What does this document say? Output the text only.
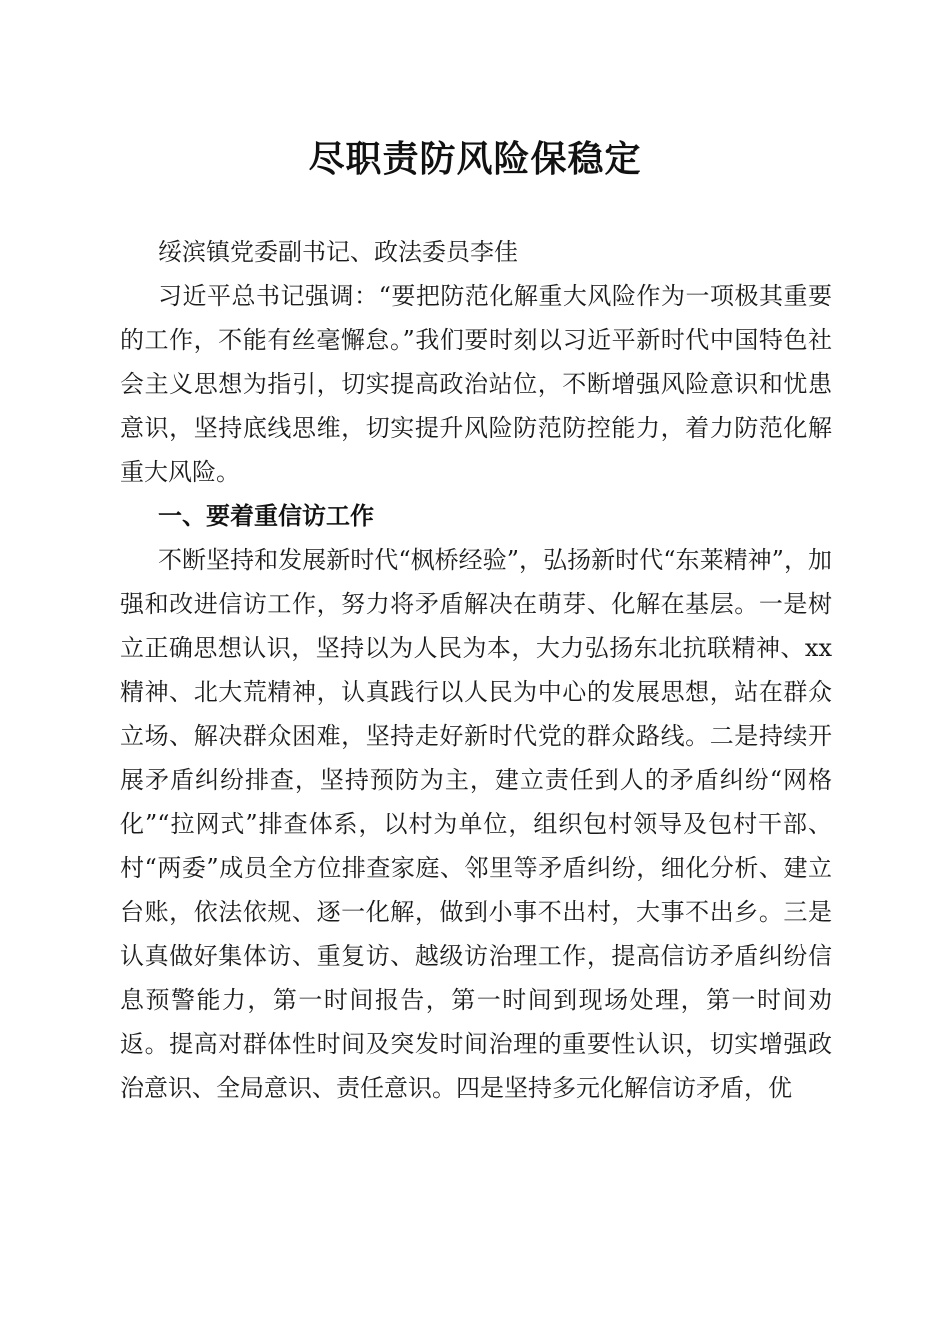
尽职责防风险保稳定

绥滨镇党委副书记、政法委员李佳

习近平总书记强调：“要把防范化解重大风险作为一项极其重要的工作，不能有丝毫懈怠。”我们要时刻以习近平新时代中国特色社会主义思想为指引，切实提高政治站位，不断增强风险意识和忧患意识，坚持底线思维，切实提升风险防范防控能力，着力防范化解重大风险。

一、要着重信访工作

不断坚持和发展新时代“枫桥经验”，弘扬新时代“东莱精神”，加强和改进信访工作，努力将矛盾解决在萌芽、化解在基层。一是树立正确思想认识，坚持以为人民为本，大力弘扬东北抗联精神、xx精神、北大荒精神，认真践行以人民为中心的发展思想，站在群众立场、解决群众困难，坚持走好新时代党的群众路线。二是持续开展矛盾纠纷排查，坚持预防为主，建立责任到人的矛盾纠纷“网格化”“拉网式”排查体系，以村为单位，组织包村领导及包村干部、村“两委”成员全方位排查家庭、邻里等矛盾纠纷，细化分析、建立台账，依法依规、逐一化解，做到小事不出村，大事不出乡。三是认真做好集体访、重复访、越级访治理工作，提高信访矛盾纠纷信息预警能力，第一时间报告，第一时间到现场处理，第一时间劝返。提高对群体性时间及突发时间治理的重要性认识，切实增强政治意识、全局意识、责任意识。四是坚持多元化解信访矛盾，优
